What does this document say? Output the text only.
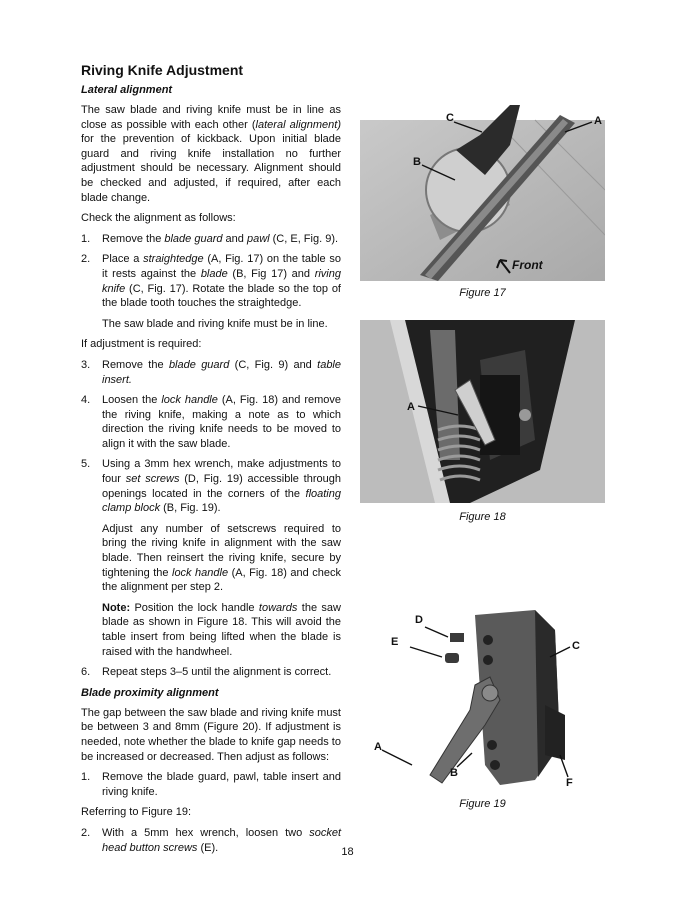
Riving Knife Adjustment
Lateral alignment

The saw blade and riving knife must be in line as close as possible with each other (lateral alignment) for the prevention of kickback. Upon initial blade guard and riving knife installation no further adjustment should be necessary. Alignment should be checked and adjusted, if required, after each blade change.

Check the alignment as follows:

1. Remove the blade guard and pawl (C, E, Fig. 9).
2. Place a straightedge (A, Fig. 17) on the table so it rests against the blade (B, Fig 17) and riving knife (C, Fig. 17). Rotate the blade so the top of the blade tooth touches the straightedge.
The saw blade and riving knife must be in line.

If adjustment is required:

3. Remove the blade guard (C, Fig. 9) and table insert.
4. Loosen the lock handle (A, Fig. 18) and remove the riving knife, making a note as to which direction the riving knife needs to be moved to align it with the saw blade.
5. Using a 3mm hex wrench, make adjustments to four set screws (D, Fig. 19) accessible through openings located in the corners of the floating clamp block (B, Fig. 19).
Adjust any number of setscrews required to bring the riving knife in alignment with the saw blade. Then reinsert the riving knife, secure by tightening the lock handle (A, Fig. 18) and check the alignment per step 2.
Note: Position the lock handle towards the saw blade as shown in Figure 18. This will avoid the table insert from being lifted when the blade is raised with the handwheel.
6. Repeat steps 3–5 until the alignment is correct.
Blade proximity alignment

The gap between the saw blade and riving knife must be between 3 and 8mm (Figure 20). If adjustment is needed, note whether the blade to knife gap needs to be increased or decreased. Then adjust as follows:

1. Remove the blade guard, pawl, table insert and riving knife.

Referring to Figure 19:

2. With a 5mm hex wrench, loosen two socket head button screws (E).
Front
C	A
B
Figure 17
A
Figure 18
D
E	C
A
B
F
Figure 19
18
